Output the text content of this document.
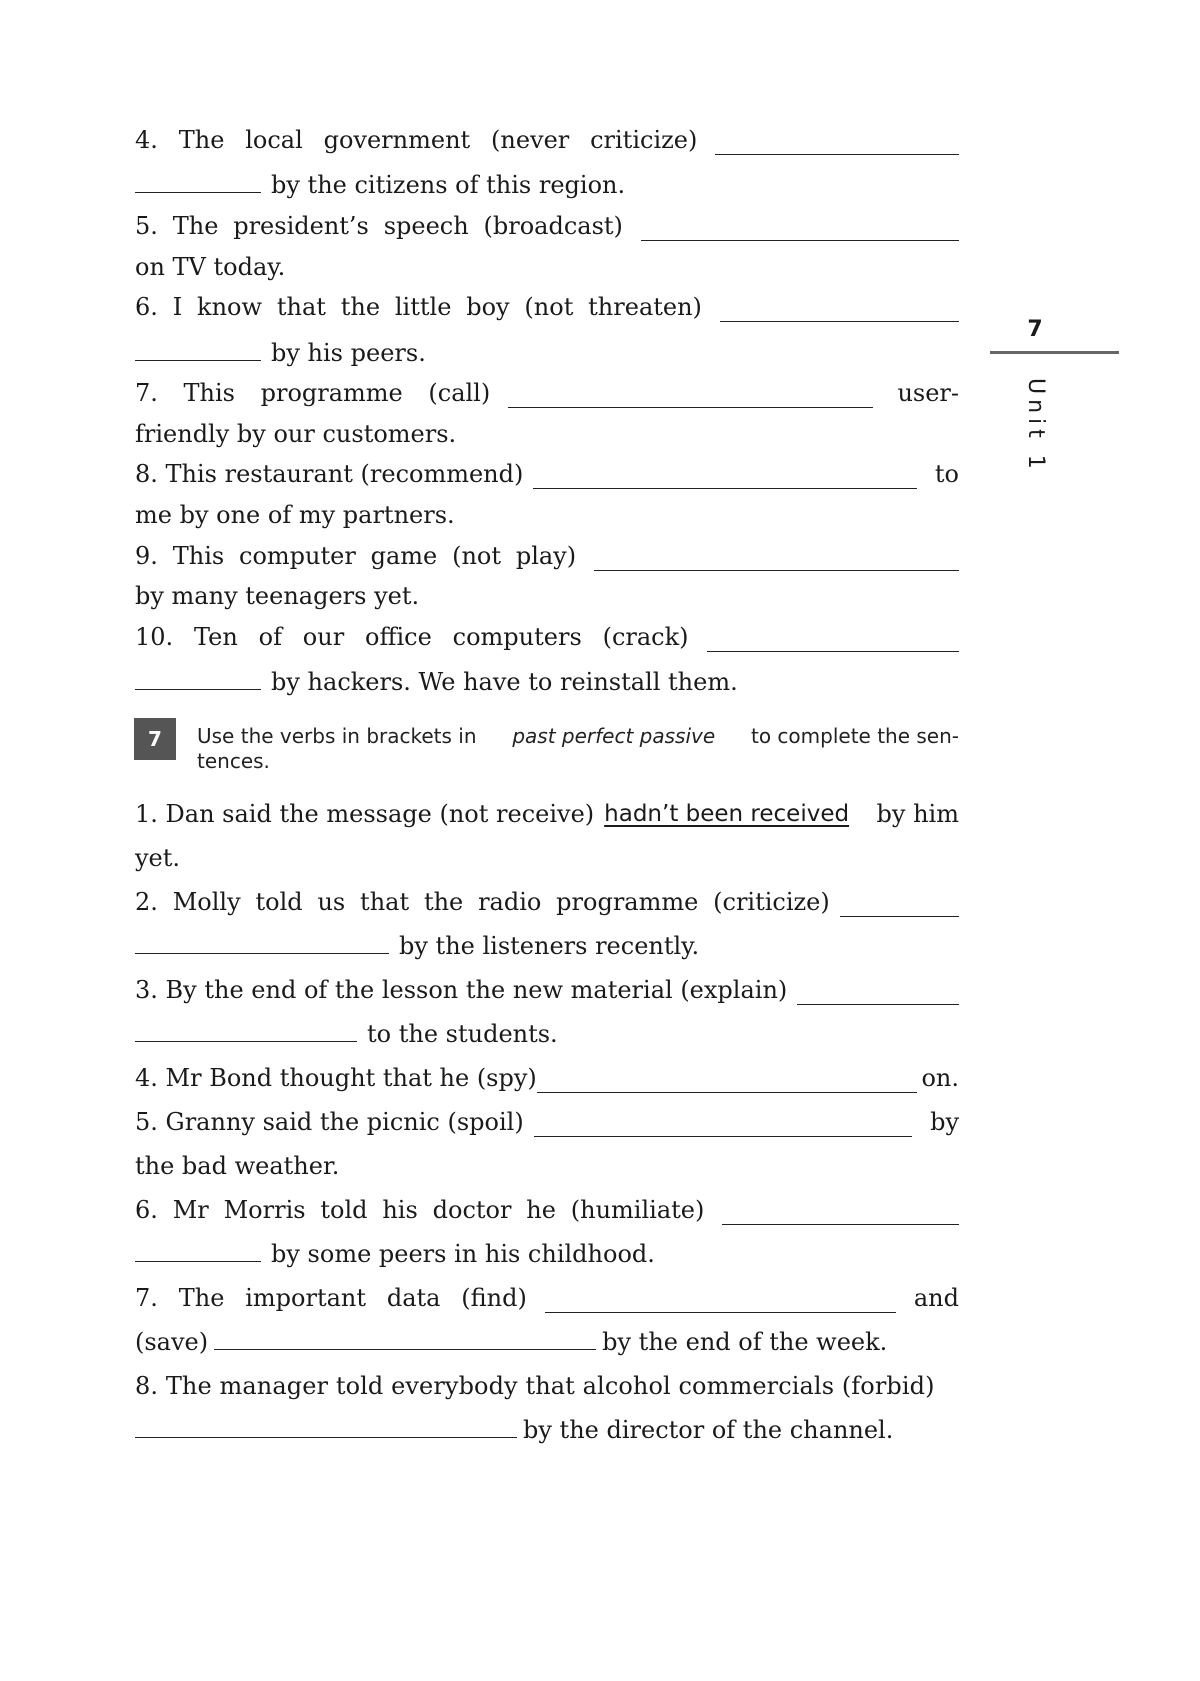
7
Unit 1
4. The local government (never criticize)
by the citizens of this region.
5. The president’s speech (broadcast)
on TV today.
6. I know that the little boy (not threaten)
by his peers.
7. This programme (call)	user-
friendly by our customers.
8. This restaurant (recommend)	to
me by one of my partners.
9. This computer game (not play)
by many teenagers yet.
10. Ten of our office computers (crack)
by hackers. We have to reinstall them.
7	Use the verbs in brackets in past perfect passive to complete the sen-
tences.
1. Dan said the message (not receive) hadn’t been received by him
yet.
2. Molly told us that the radio programme (criticize)
by the listeners recently.
3. By the end of the lesson the new material (explain)
to the students.
4. Mr Bond thought that he (spy)	on.
5. Granny said the picnic (spoil)	by
the bad weather.
6. Mr Morris told his doctor he (humiliate)
by some peers in his childhood.
7. The important data (find)	and
(save)	by the end of the week.
8. The manager told everybody that alcohol commercials (forbid)
by the director of the channel.
